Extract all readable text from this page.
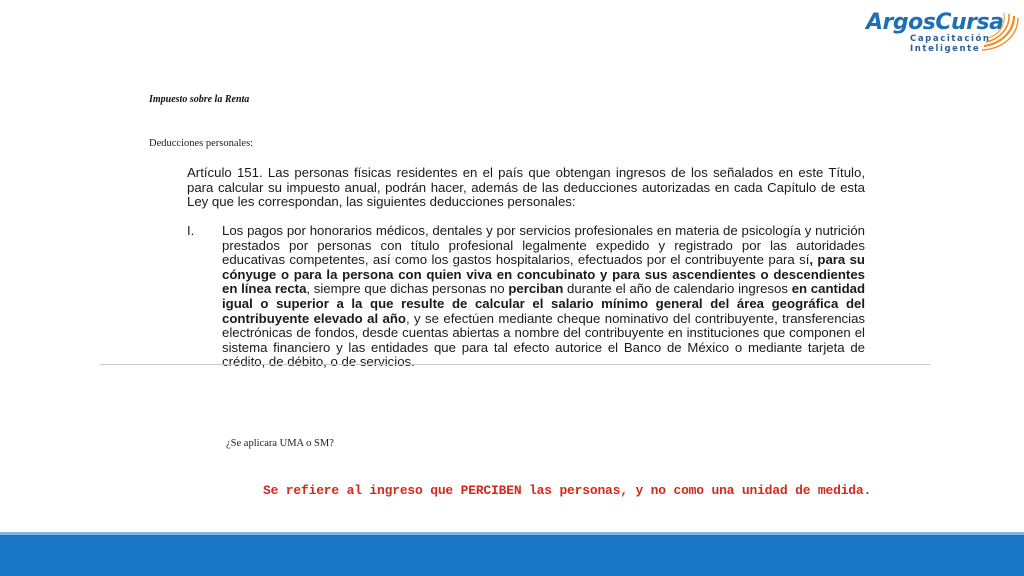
ArgosCursa
Capacitación
Inteligente
Impuesto sobre la Renta
Deducciones personales:

Artículo 151. Las personas físicas residentes en el país que obtengan ingresos de los señalados en este Título, para calcular su impuesto anual, podrán hacer, además de las deducciones autorizadas en cada Capítulo de esta Ley que les correspondan, las siguientes deducciones personales:

I. Los pagos por honorarios médicos, dentales y por servicios profesionales en materia de psicología y nutrición prestados por personas con título profesional legalmente expedido y registrado por las autoridades educativas competentes, así como los gastos hospitalarios, efectuados por el contribuyente para sí, para su cónyuge o para la persona con quien viva en concubinato y para sus ascendientes o descendientes en línea recta, siempre que dichas personas no perciban durante el año de calendario ingresos en cantidad igual o superior a la que resulte de calcular el salario mínimo general del área geográfica del contribuyente elevado al año, y se efectúen mediante cheque nominativo del contribuyente, transferencias electrónicas de fondos, desde cuentas abiertas a nombre del contribuyente en instituciones que componen el sistema financiero y las entidades que para tal efecto autorice el Banco de México o mediante tarjeta de crédito, de débito, o de servicios.
¿Se aplicara UMA o SM?
Se refiere al ingreso que PERCIBEN las personas, y no como una unidad de medida.
